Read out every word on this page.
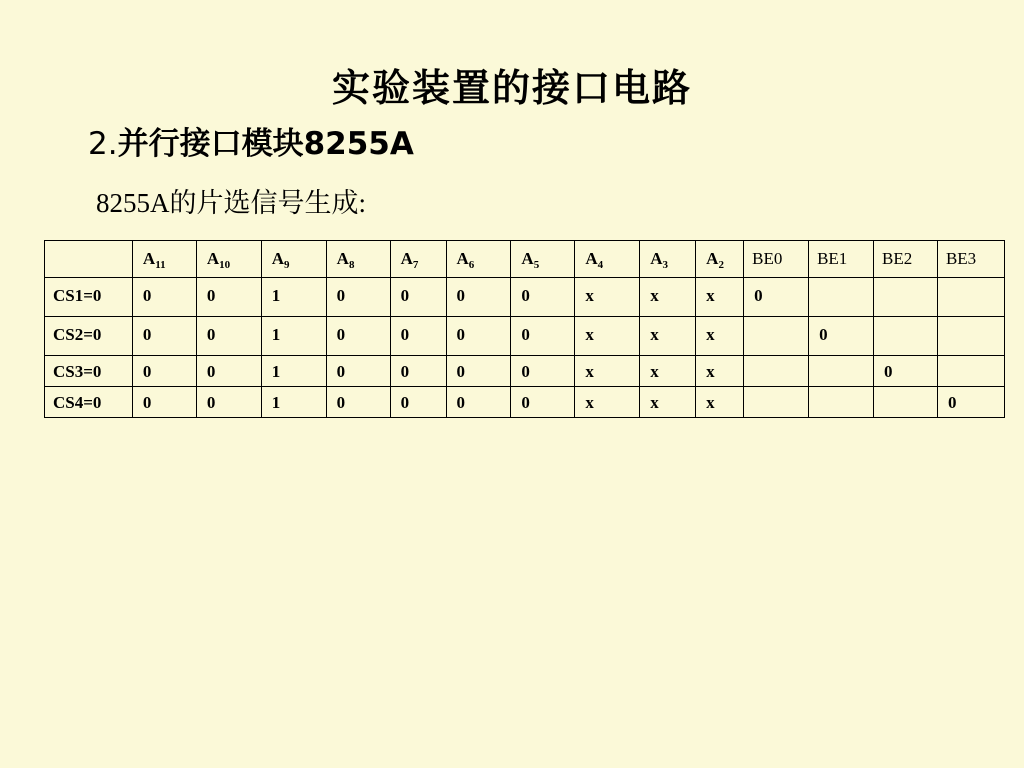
实验装置的接口电路
2.并行接口模块8255A
8255A的片选信号生成:
	$A_{11}$	$A_{10}$	$A_9$	$A_8$	$A_7$	$A_6$	$A_5$	$A_4$	$A_3$	$A_2$	BE0	BE1	BE2	BE3
CS1=0	0	0	1	0	0	0	0	x	x	x	0			
CS2=0	0	0	1	0	0	0	0	x	x	x		0		
CS3=0	0	0	1	0	0	0	0	x	x	x			0	
CS4=0	0	0	1	0	0	0	0	x	x	x				0
